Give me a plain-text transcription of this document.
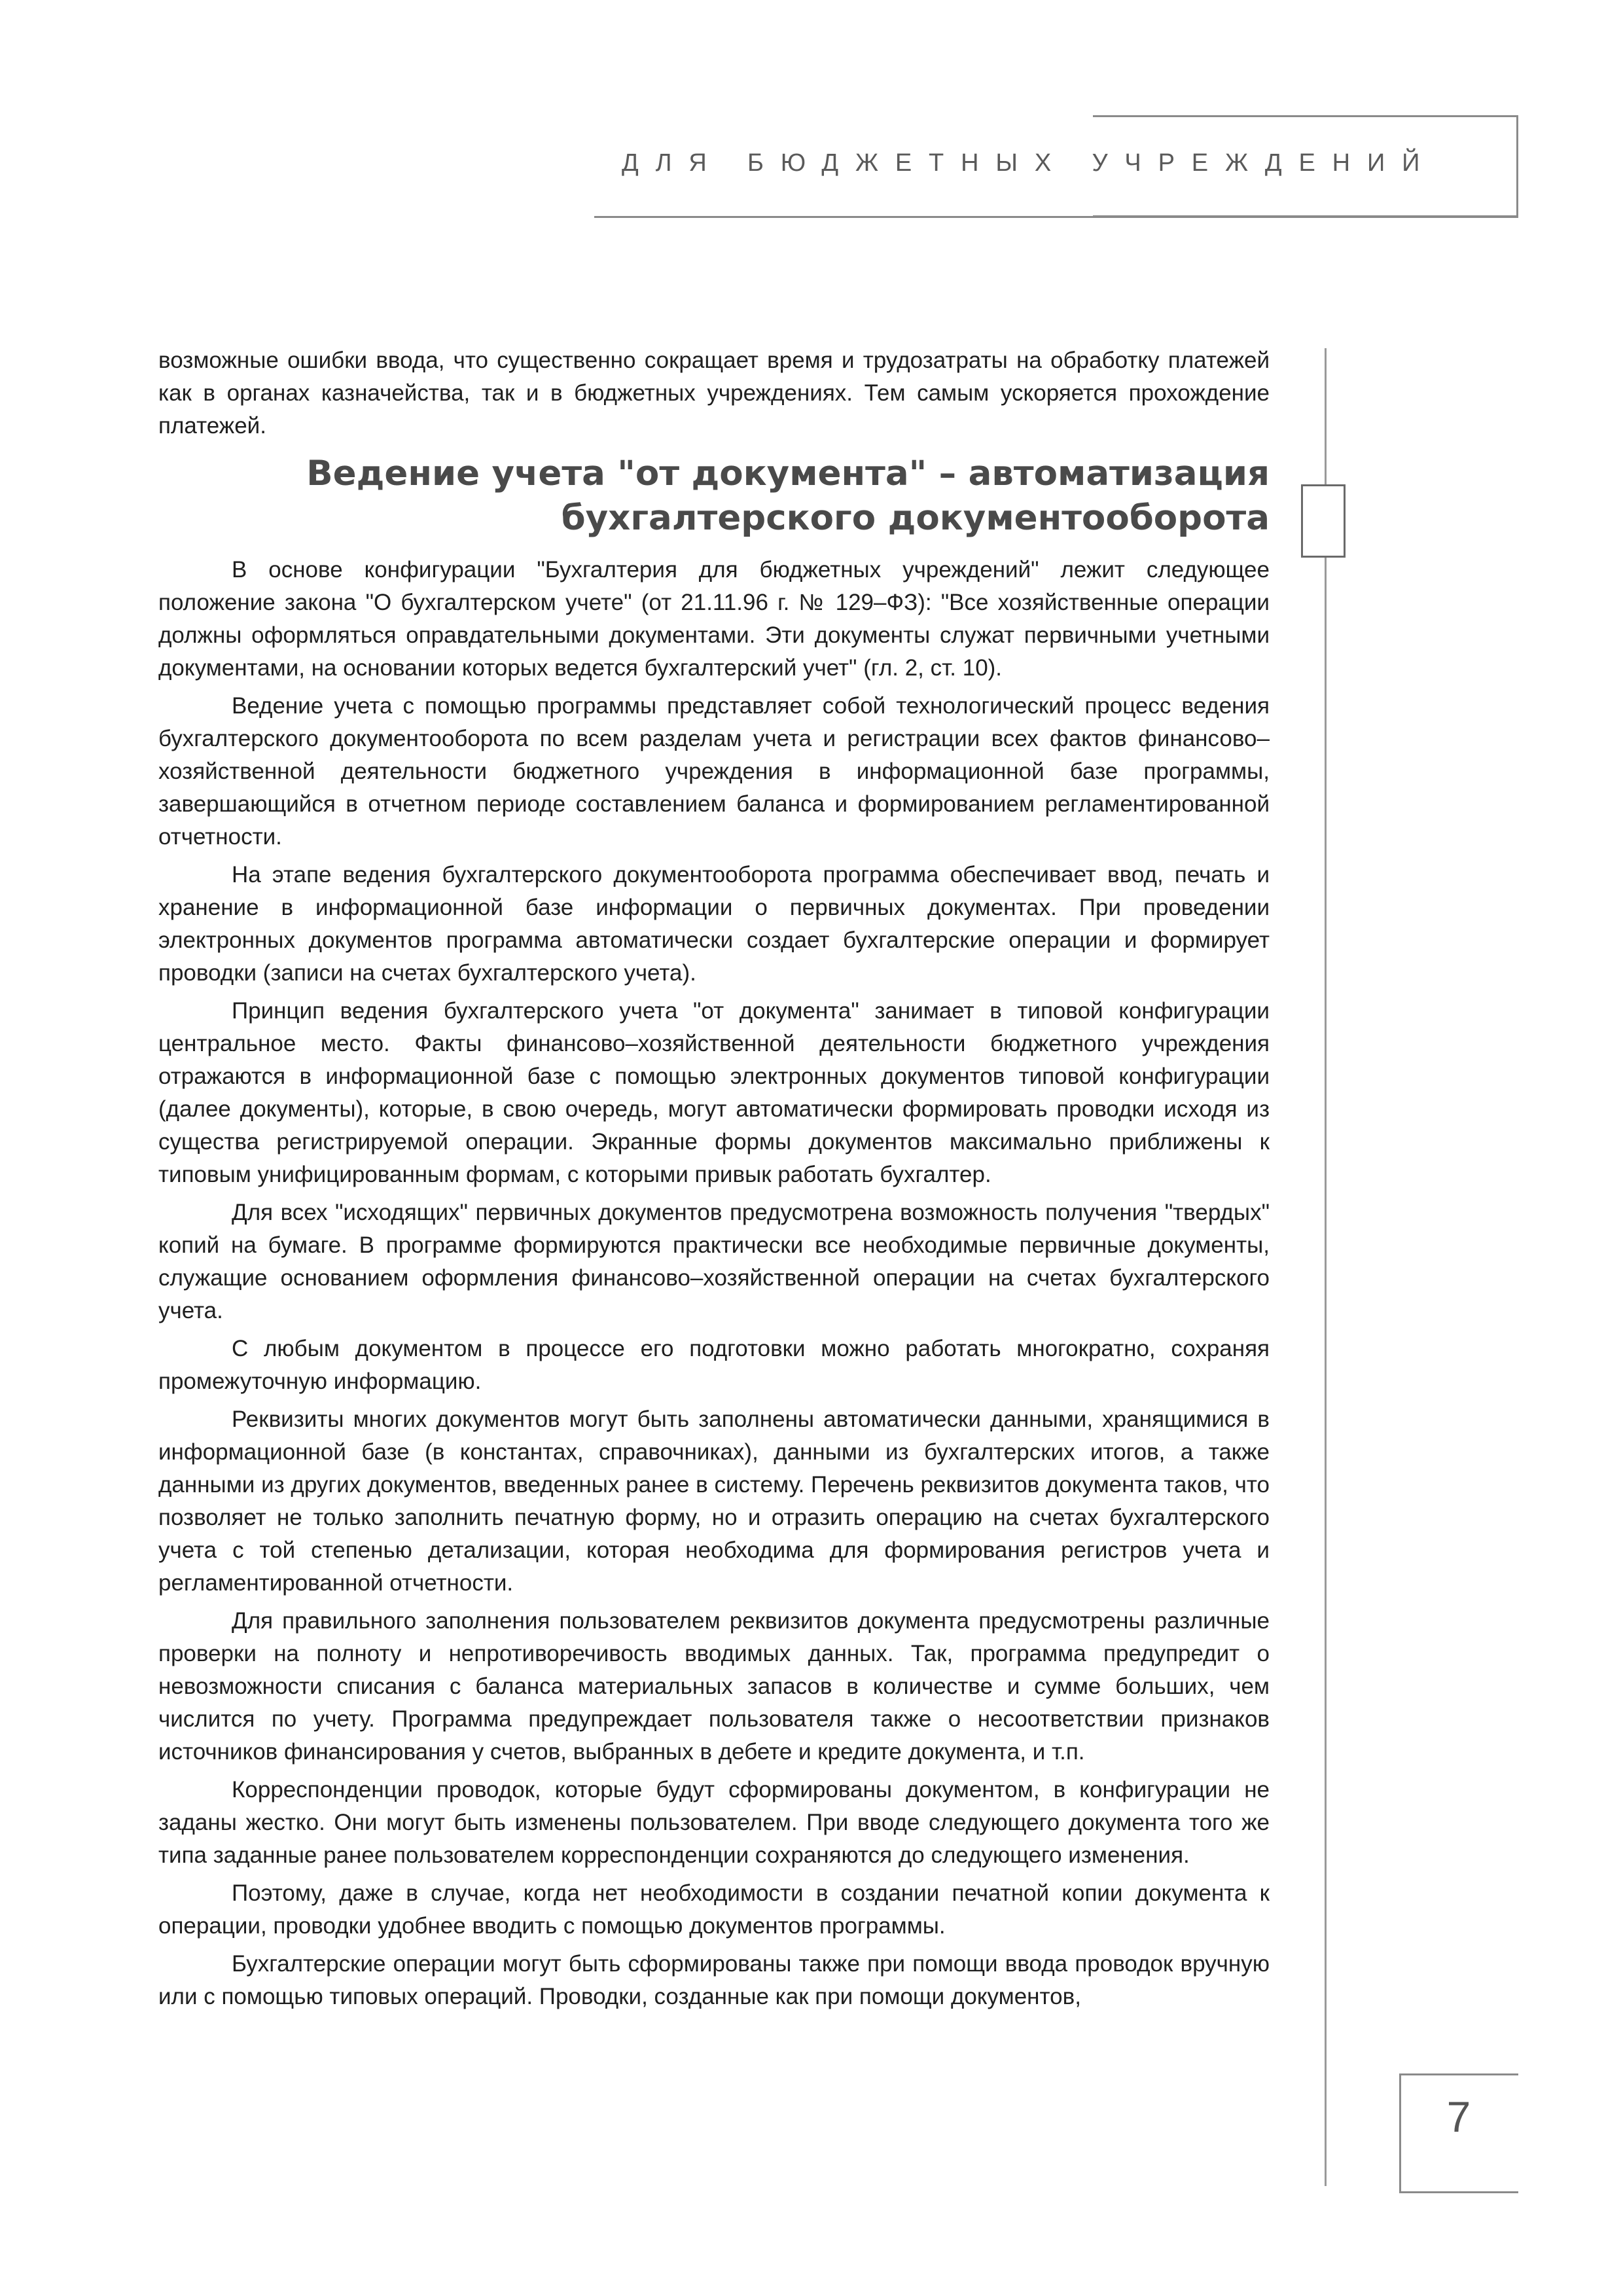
ДЛЯ БЮДЖЕТНЫХ УЧРЕЖДЕНИЙ

возможные ошибки ввода, что существенно сокращает время и трудозатраты на обработку платежей как в органах казначейства, так и в бюджетных учреждениях. Тем самым ускоряется прохождение платежей.

Ведение учета "от документа" – автоматизация
бухгалтерского документооборота

В основе конфигурации "Бухгалтерия для бюджетных учреждений" лежит следующее положение закона "О бухгалтерском учете" (от 21.11.96 г. № 129–ФЗ): "Все хозяйственные операции должны оформляться оправдательными документами. Эти документы служат первичными учетными документами, на основании которых ведется бухгалтерский учет" (гл. 2, ст. 10).

Ведение учета с помощью программы представляет собой технологический процесс ведения бухгалтерского документооборота по всем разделам учета и регистрации всех фактов финансово–хозяйственной деятельности бюджетного учреждения в информационной базе программы, завершающийся в отчетном периоде составлением баланса и формированием регламентированной отчетности.

На этапе ведения бухгалтерского документооборота программа обеспечивает ввод, печать и хранение в информационной базе информации о первичных документах. При проведении электронных документов программа автоматически создает бухгалтерские операции и формирует проводки (записи на счетах бухгалтерского учета).

Принцип ведения бухгалтерского учета "от документа" занимает в типовой конфигурации центральное место. Факты финансово–хозяйственной деятельности бюджетного учреждения отражаются в информационной базе с помощью электронных документов типовой конфигурации (далее документы), которые, в свою очередь, могут автоматически формировать проводки исходя из существа регистрируемой операции. Экранные формы документов максимально приближены к типовым унифицированным формам, с которыми привык работать бухгалтер.

Для всех "исходящих" первичных документов предусмотрена возможность получения "твердых" копий на бумаге. В программе формируются практически все необходимые первичные документы, служащие основанием оформления финансово–хозяйственной операции на счетах бухгалтерского учета.

С любым документом в процессе его подготовки можно работать многократно, сохраняя промежуточную информацию.

Реквизиты многих документов могут быть заполнены автоматически данными, хранящимися в информационной базе (в константах, справочниках), данными из бухгалтерских итогов, а также данными из других документов, введенных ранее в систему. Перечень реквизитов документа таков, что позволяет не только заполнить печатную форму, но и отразить операцию на счетах бухгалтерского учета с той степенью детализации, которая необходима для формирования регистров учета и регламентированной отчетности.

Для правильного заполнения пользователем реквизитов документа предусмотрены различные проверки на полноту и непротиворечивость вводимых данных. Так, программа предупредит о невозможности списания с баланса материальных запасов в количестве и сумме больших, чем числится по учету. Программа предупреждает пользователя также о несоответствии признаков источников финансирования у счетов, выбранных в дебете и кредите документа, и т.п.

Корреспонденции проводок, которые будут сформированы документом, в конфигурации не заданы жестко. Они могут быть изменены пользователем. При вводе следующего документа того же типа заданные ранее пользователем корреспонденции сохраняются до следующего изменения.

Поэтому, даже в случае, когда нет необходимости в создании печатной копии документа к операции, проводки удобнее вводить с помощью документов программы.

Бухгалтерские операции могут быть сформированы также при помощи ввода проводок вручную или с помощью типовых операций. Проводки, созданные как при помощи документов,

7
